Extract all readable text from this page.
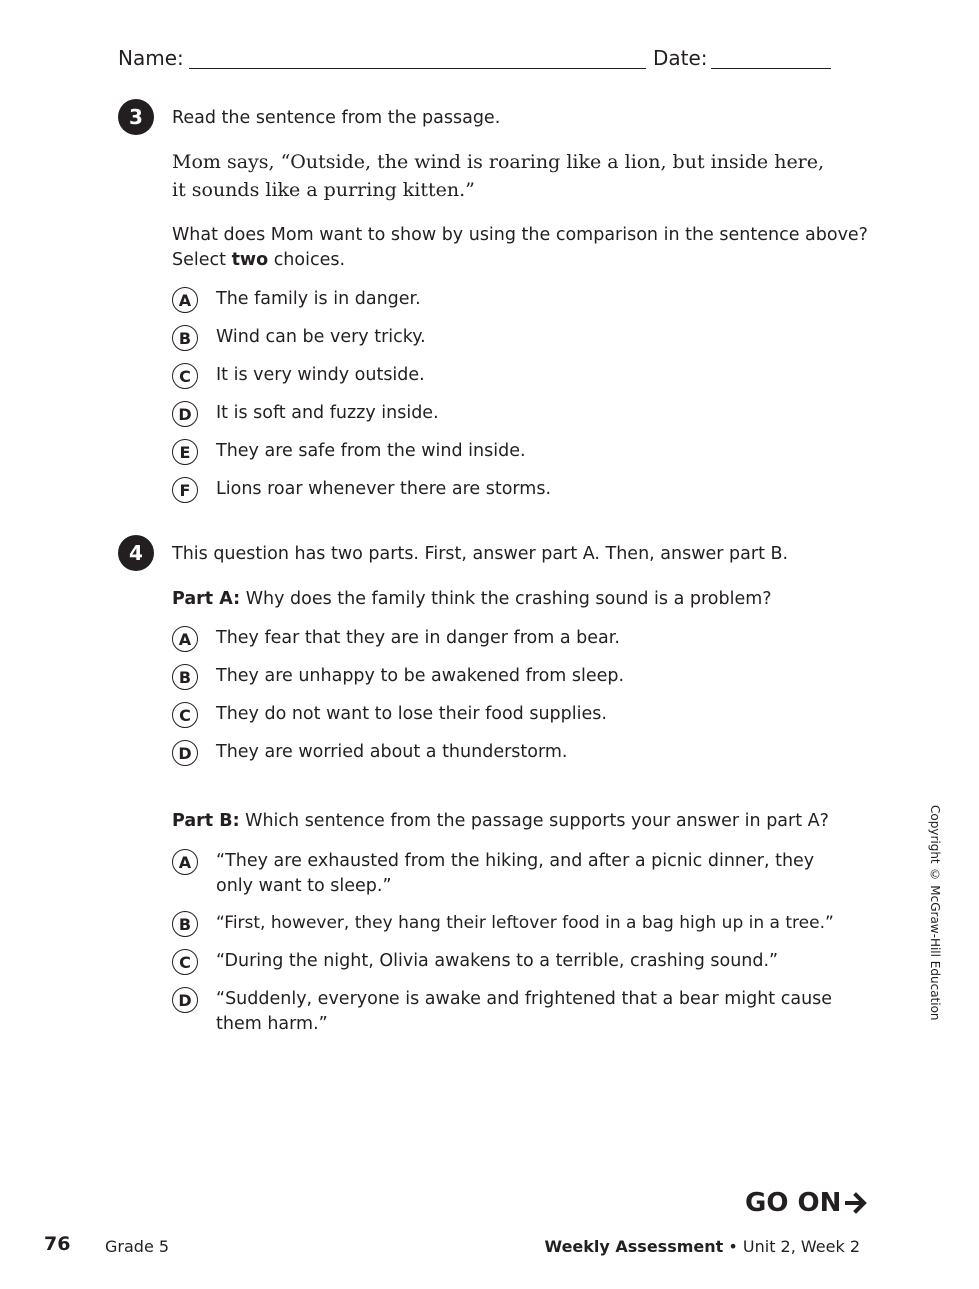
Name:	Date:
3	Read the sentence from the passage.
Mom says, “Outside, the wind is roaring like a lion, but inside here, it sounds like a purring kitten.”
What does Mom want to show by using the comparison in the sentence above?
Select two choices.
A	The family is in danger.
B	Wind can be very tricky.
C	It is very windy outside.
D	It is soft and fuzzy inside.
E	They are safe from the wind inside.
F	Lions roar whenever there are storms.
4	This question has two parts. First, answer part A. Then, answer part B.
Part A: Why does the family think the crashing sound is a problem?
A	They fear that they are in danger from a bear.
B	They are unhappy to be awakened from sleep.
C	They do not want to lose their food supplies.
D	They are worried about a thunderstorm.
Part B: Which sentence from the passage supports your answer in part A?
A	“They are exhausted from the hiking, and after a picnic dinner, they only want to sleep.”
B	“First, however, they hang their leftover food in a bag high up in a tree.”
C	“During the night, Olivia awakens to a terrible, crashing sound.”
D	“Suddenly, everyone is awake and frightened that a bear might cause them harm.”
Copyright © McGraw-Hill Education
GO ON
76 Grade 5	Weekly Assessment • Unit 2, Week 2
